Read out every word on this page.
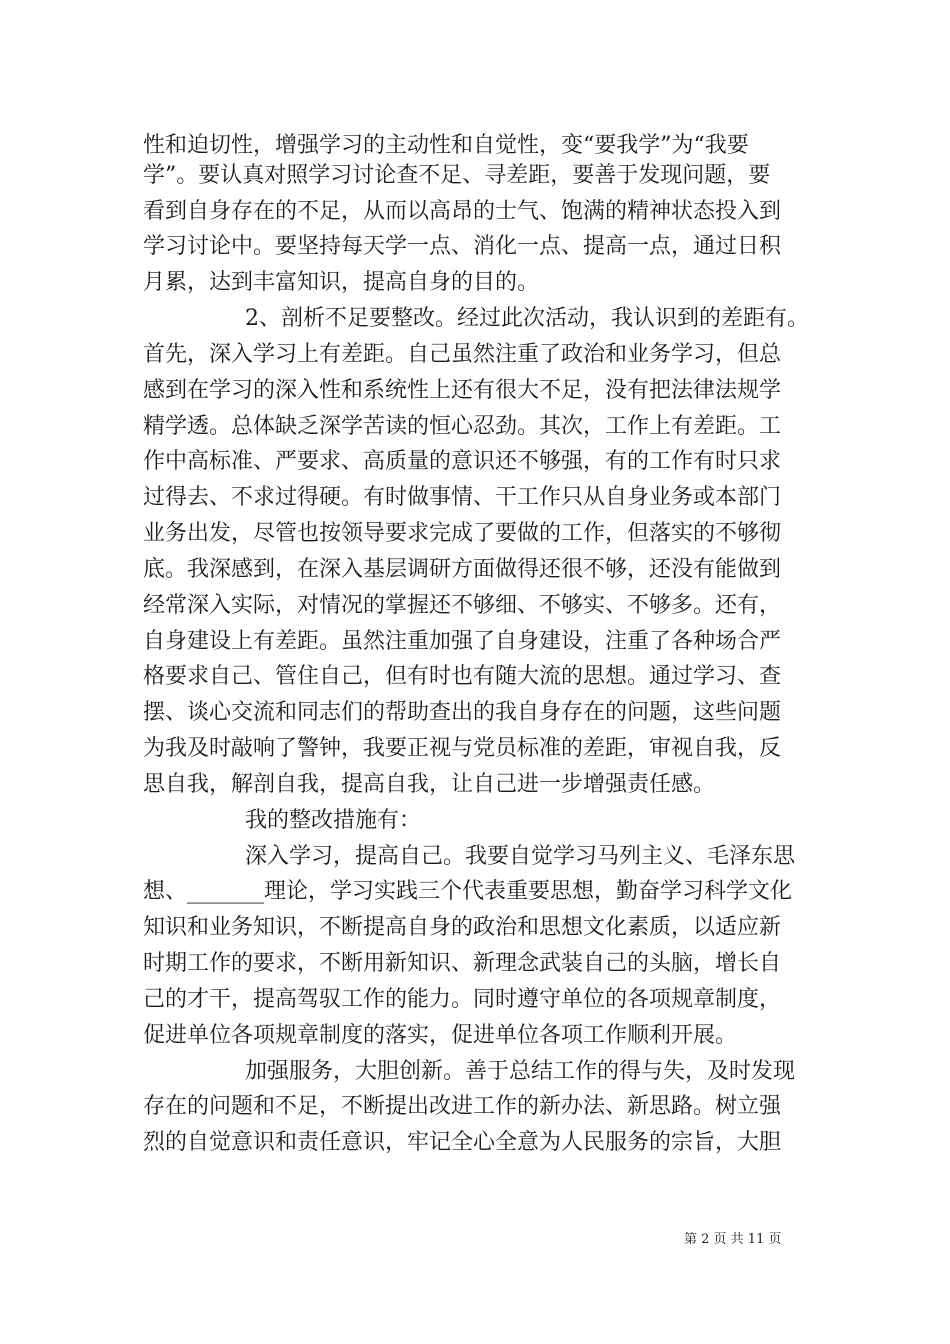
性和迫切性，增强学习的主动性和自觉性，变“要我学”为“我要
学”。要认真对照学习讨论查不足、寻差距，要善于发现问题，要
看到自身存在的不足，从而以高昂的士气、饱满的精神状态投入到
学习讨论中。要坚持每天学一点、消化一点、提高一点，通过日积
月累，达到丰富知识，提高自身的目的。
2、剖析不足要整改。经过此次活动，我认识到的差距有。
首先，深入学习上有差距。自己虽然注重了政治和业务学习，但总
感到在学习的深入性和系统性上还有很大不足，没有把法律法规学
精学透。总体缺乏深学苦读的恒心忍劲。其次，工作上有差距。工
作中高标准、严要求、高质量的意识还不够强，有的工作有时只求
过得去、不求过得硬。有时做事情、干工作只从自身业务或本部门
业务出发，尽管也按领导要求完成了要做的工作，但落实的不够彻
底。我深感到，在深入基层调研方面做得还很不够，还没有能做到
经常深入实际，对情况的掌握还不够细、不够实、不够多。还有，
自身建设上有差距。虽然注重加强了自身建设，注重了各种场合严
格要求自己、管住自己，但有时也有随大流的思想。通过学习、查
摆、谈心交流和同志们的帮助查出的我自身存在的问题，这些问题
为我及时敲响了警钟，我要正视与党员标准的差距，审视自我，反
思自我，解剖自我，提高自我，让自己进一步增强责任感。
我的整改措施有：
深入学习，提高自己。我要自觉学习马列主义、毛泽东思
想、_______理论，学习实践三个代表重要思想，勤奋学习科学文化
知识和业务知识，不断提高自身的政治和思想文化素质，以适应新
时期工作的要求，不断用新知识、新理念武装自己的头脑，增长自
己的才干，提高驾驭工作的能力。同时遵守单位的各项规章制度，
促进单位各项规章制度的落实，促进单位各项工作顺利开展。
加强服务，大胆创新。善于总结工作的得与失，及时发现
存在的问题和不足，不断提出改进工作的新办法、新思路。树立强
烈的自觉意识和责任意识，牢记全心全意为人民服务的宗旨，大胆
第 2 页 共 11 页
